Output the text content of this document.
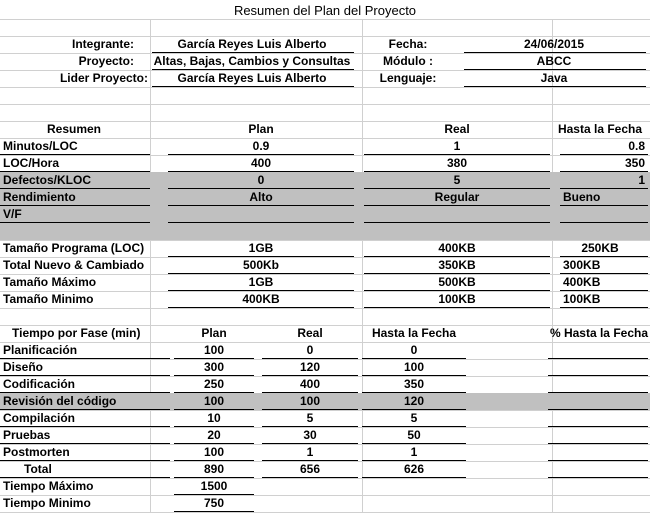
Resumen del Plan del Proyecto
Integrante:	García Reyes Luis Alberto	Fecha:	24/06/2015
Proyecto: Altas, Bajas, Cambios y Consultas	Módulo :	ABCC
Lider Proyecto:	García Reyes Luis Alberto	Lenguaje:	Java
Resumen	Plan	Real	Hasta la Fecha
Minutos/LOC	0.9	1	0.8
LOC/Hora	400	380	350
Defectos/KLOC	0	5	1
Rendimiento	Alto	Regular	Bueno
V/F
Tamaño Programa (LOC)	1GB	400KB	250KB
Total Nuevo & Cambiado	500Kb	350KB	300KB
Tamaño Máximo	1GB	500KB	400KB
Tamaño Minimo	400KB	100KB	100KB
Tiempo por Fase (min)	Plan	Real	Hasta la Fecha	% Hasta la Fecha
Planificación	100	0	0
Diseño	300	120	100
Codificación	250	400	350
Revisión del código	100	100	120
Compilación	10	5	5
Pruebas	20	30	50
Postmorten	100	1	1
Total	890	656	626
Tiempo Máximo	1500
Tiempo Minimo	750
